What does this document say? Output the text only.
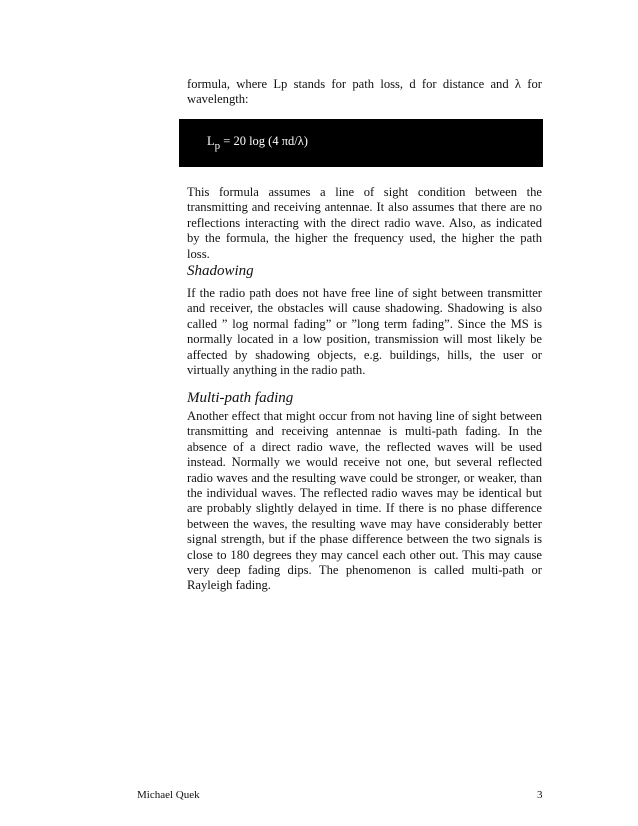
formula, where Lp stands for path loss, d for distance and λ for wavelength:

Lp = 20 log (4 πd/λ)

This formula assumes a line of sight condition between the transmitting and receiving antennae. It also assumes that there are no reflections interacting with the direct radio wave. Also, as indicated by the formula, the higher the frequency used, the higher the path loss.

Shadowing

If the radio path does not have free line of sight between transmitter and receiver, the obstacles will cause shadowing. Shadowing is also called ” log normal fading” or ”long term fading”. Since the MS is normally located in a low position, transmission will most likely be affected by shadowing objects, e.g. buildings, hills, the user or virtually anything in the radio path.

Multi-path fading

Another effect that might occur from not having line of sight between transmitting and receiving antennae is multi-path fading. In the absence of a direct radio wave, the reflected waves will be used instead. Normally we would receive not one, but several reflected radio waves and the resulting wave could be stronger, or weaker, than the individual waves. The reflected radio waves may be identical but are probably slightly delayed in time. If there is no phase difference between the waves, the resulting wave may have considerably better signal strength, but if the phase difference between the two signals is close to 180 degrees they may cancel each other out. This may cause very deep fading dips. The phenomenon is called multi-path or Rayleigh fading.

Michael Quek	3
